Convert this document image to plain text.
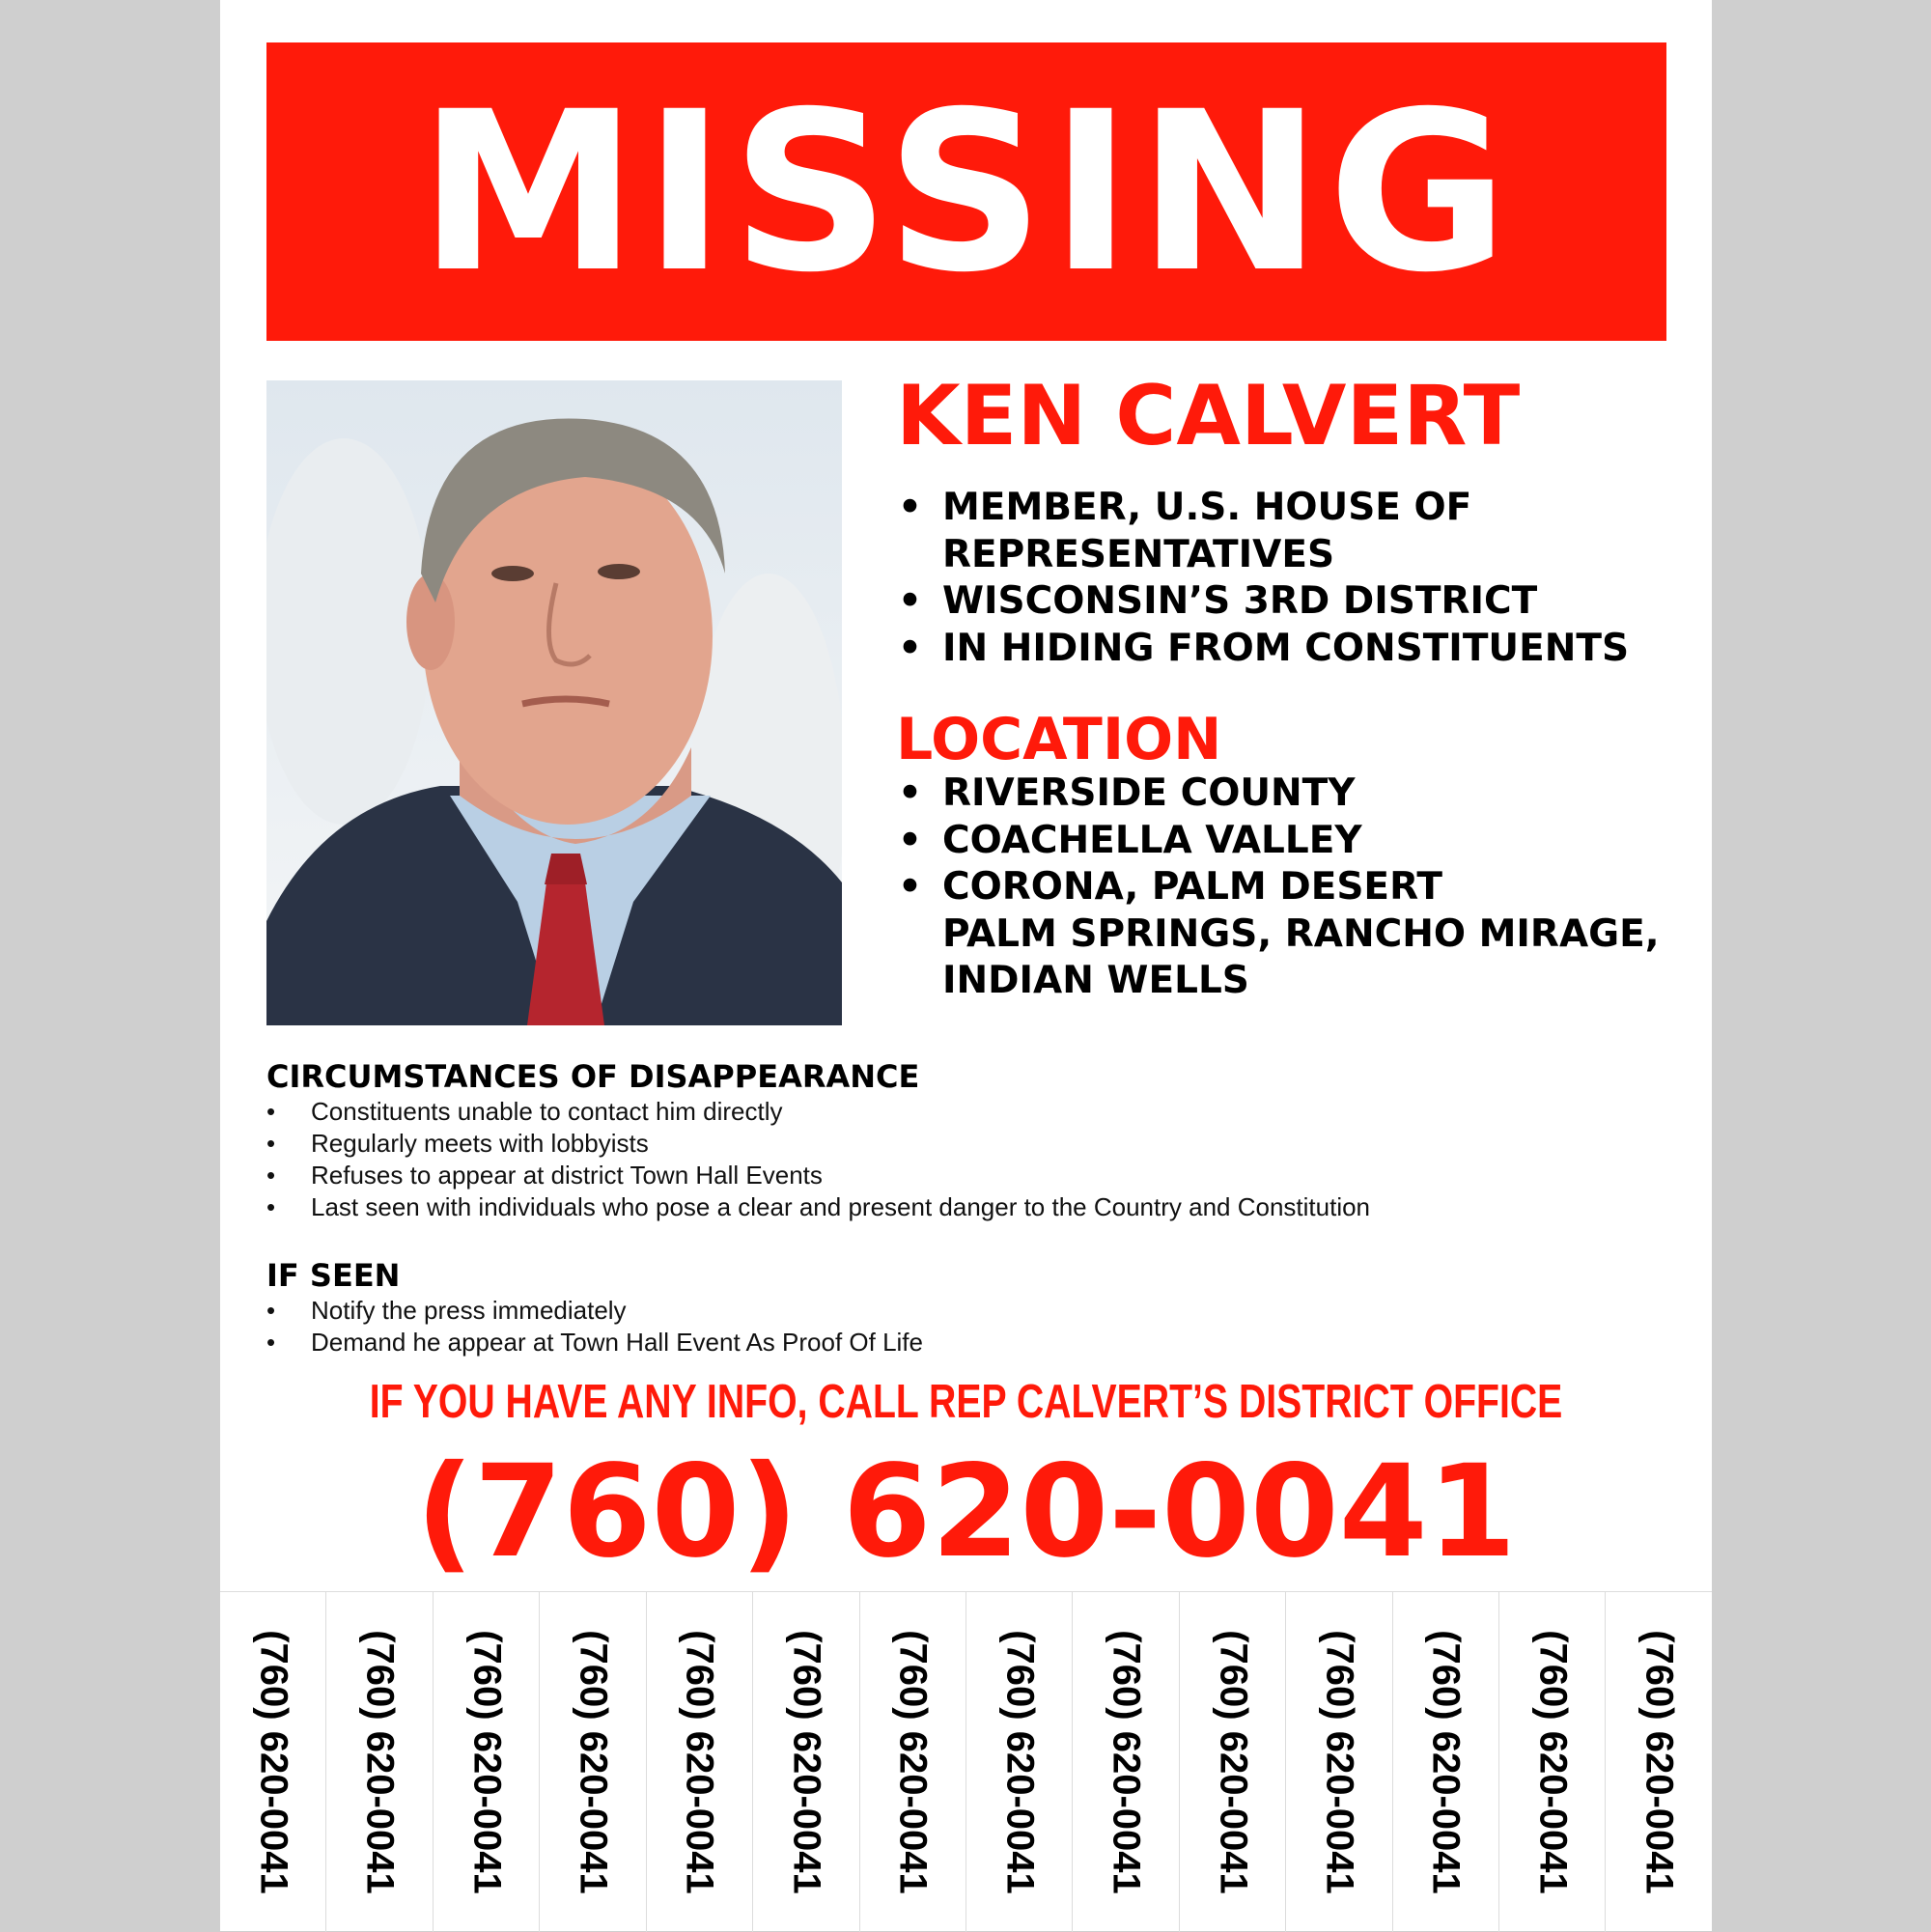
MISSING
KEN CALVERT
• MEMBER, U.S. HOUSE OF
REPRESENTATIVES
• WISCONSIN’S 3RD DISTRICT
• IN HIDING FROM CONSTITUENTS
LOCATION
• RIVERSIDE COUNTY
• COACHELLA VALLEY
• CORONA, PALM DESERT
PALM SPRINGS, RANCHO MIRAGE,
INDIAN WELLS
CIRCUMSTANCES OF DISAPPEARANCE
• Constituents unable to contact him directly
• Regularly meets with lobbyists
• Refuses to appear at district Town Hall Events
• Last seen with individuals who pose a clear and present danger to the Country and Constitution
IF SEEN
• Notify the press immediately
• Demand he appear at Town Hall Event As Proof Of Life
IF YOU HAVE ANY INFO, CALL REP CALVERT’S DISTRICT OFFICE
(760) 620-0041
(760) 620-0041 (760) 620-0041 (760) 620-0041 (760) 620-0041 (760) 620-0041 (760) 620-0041 (760) 620-0041 (760) 620-0041 (760) 620-0041 (760) 620-0041 (760) 620-0041 (760) 620-0041 (760) 620-0041 (760) 620-0041
